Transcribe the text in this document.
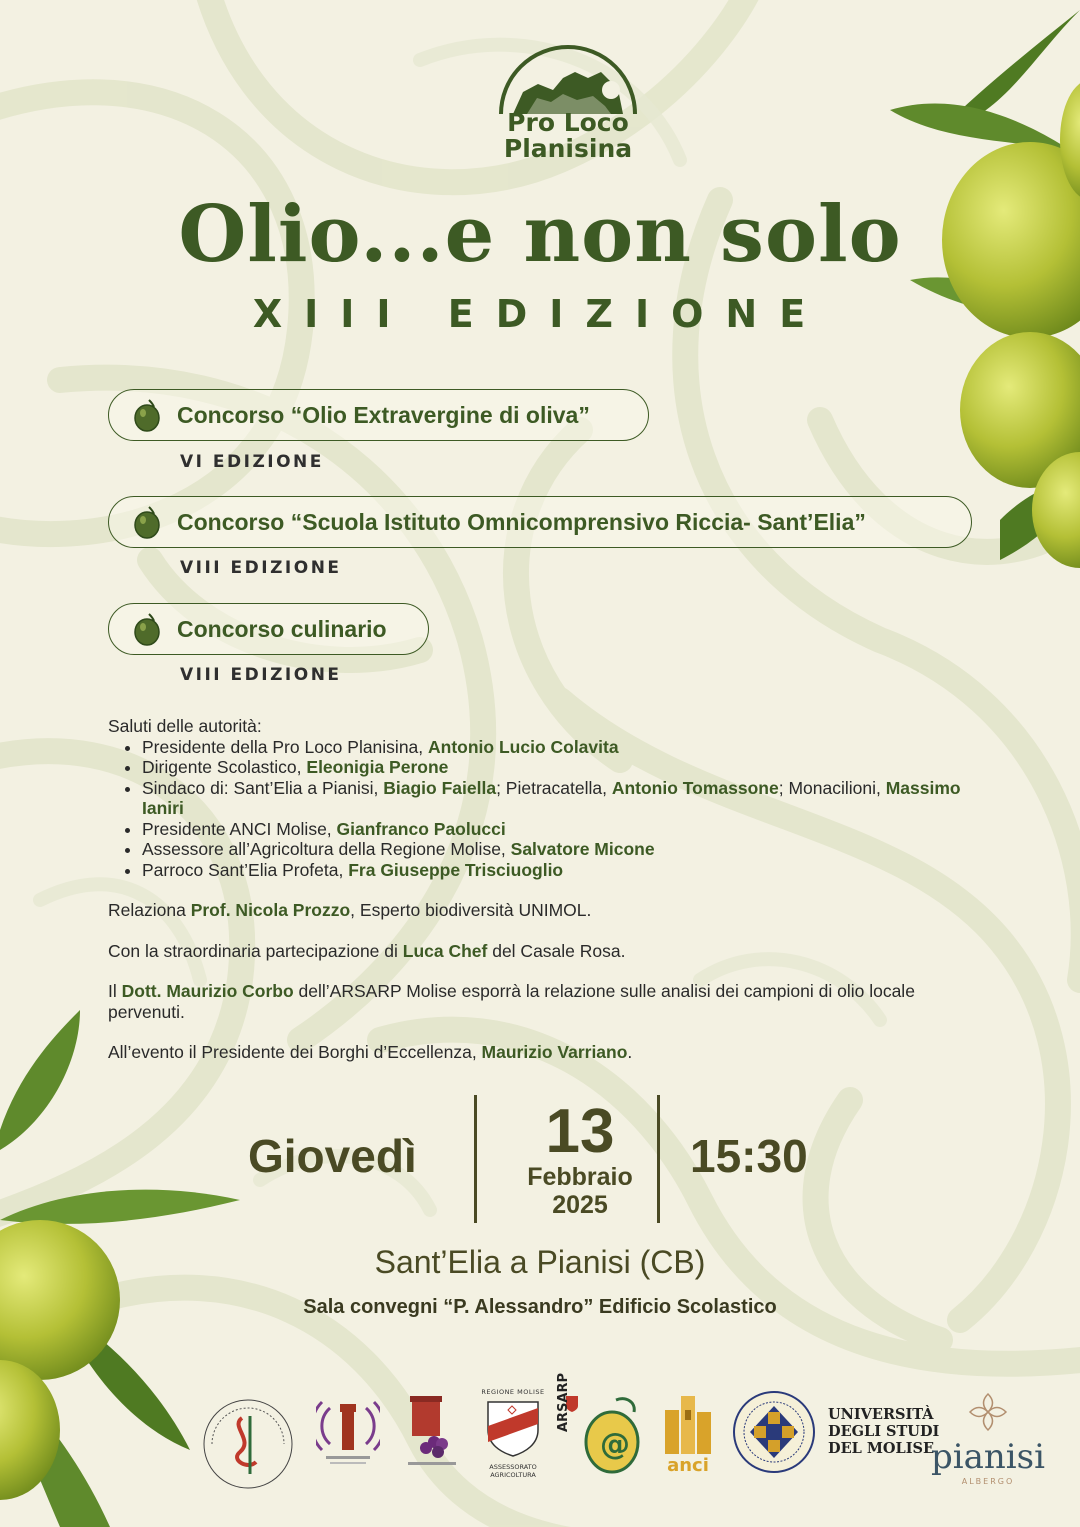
Pro Loco
Planisina
Olio...e non solo
XIII EDIZIONE
Concorso “Olio Extravergine di oliva”
VI EDIZIONE
Concorso “Scuola Istituto Omnicomprensivo Riccia- Sant’Elia”
VIII EDIZIONE
Concorso culinario
VIII EDIZIONE
Saluti delle autorità:
• Presidente della Pro Loco Planisina, Antonio Lucio Colavita
• Dirigente Scolastico, Eleonigia Perone
• Sindaco di: Sant’Elia a Pianisi, Biagio Faiella; Pietracatella, Antonio Tomassone; Monacilioni, Massimo Ianiri
• Presidente ANCI Molise, Gianfranco Paolucci
• Assessore all’Agricoltura della Regione Molise, Salvatore Micone
• Parroco Sant’Elia Profeta, Fra Giuseppe Trisciuoglio
Relaziona Prof. Nicola Prozzo, Esperto biodiversità UNIMOL.
Con la straordinaria partecipazione di Luca Chef del Casale Rosa.
Il Dott. Maurizio Corbo dell’ARSARP Molise esporrà la relazione sulle analisi dei campioni di olio locale pervenuti.
All’evento il Presidente dei Borghi d’Eccellenza, Maurizio Varriano.
Giovedì	13
Febbraio
2025
15:30
Sant’Elia a Pianisi (CB)
Sala convegni “P. Alessandro” Edificio Scolastico
REGIONE MOLISE
ASSESSORATO
AGRICOLTURA
@
ARSARP
anci
UNIVERSITÀ
DEGLI STUDI
DEL MOLISE
pianisi
ALBERGO
